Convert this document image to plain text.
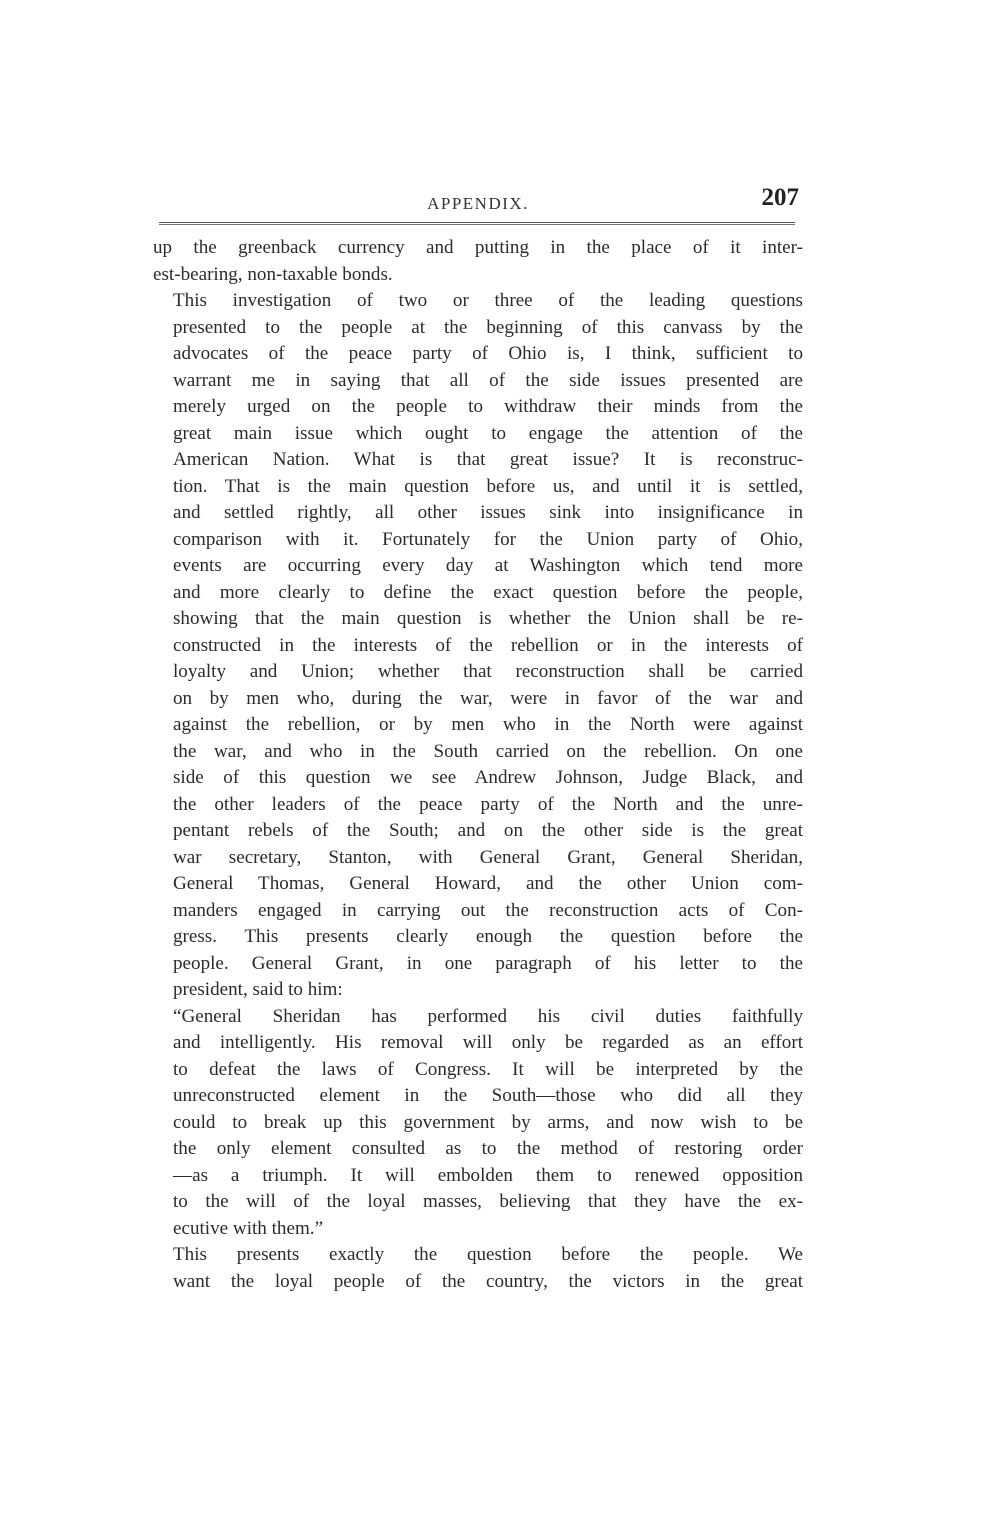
APPENDIX.	207

up the greenback currency and putting in the place of it inter-
est-bearing, non-taxable bonds.

This investigation of two or three of the leading questions
presented to the people at the beginning of this canvass by the
advocates of the peace party of Ohio is, I think, sufficient to
warrant me in saying that all of the side issues presented are
merely urged on the people to withdraw their minds from the
great main issue which ought to engage the attention of the
American Nation. What is that great issue? It is reconstruc-
tion. That is the main question before us, and until it is settled,
and settled rightly, all other issues sink into insignificance in
comparison with it. Fortunately for the Union party of Ohio,
events are occurring every day at Washington which tend more
and more clearly to define the exact question before the people,
showing that the main question is whether the Union shall be re-
constructed in the interests of the rebellion or in the interests of
loyalty and Union; whether that reconstruction shall be carried
on by men who, during the war, were in favor of the war and
against the rebellion, or by men who in the North were against
the war, and who in the South carried on the rebellion. On one
side of this question we see Andrew Johnson, Judge Black, and
the other leaders of the peace party of the North and the unre-
pentant rebels of the South; and on the other side is the great
war secretary, Stanton, with General Grant, General Sheridan,
General Thomas, General Howard, and the other Union com-
manders engaged in carrying out the reconstruction acts of Con-
gress. This presents clearly enough the question before the
people. General Grant, in one paragraph of his letter to the
president, said to him:

“General Sheridan has performed his civil duties faithfully
and intelligently. His removal will only be regarded as an effort
to defeat the laws of Congress. It will be interpreted by the
unreconstructed element in the South—those who did all they
could to break up this government by arms, and now wish to be
the only element consulted as to the method of restoring order
—as a triumph. It will embolden them to renewed opposition
to the will of the loyal masses, believing that they have the ex-
ecutive with them.”

This presents exactly the question before the people. We
want the loyal people of the country, the victors in the great
